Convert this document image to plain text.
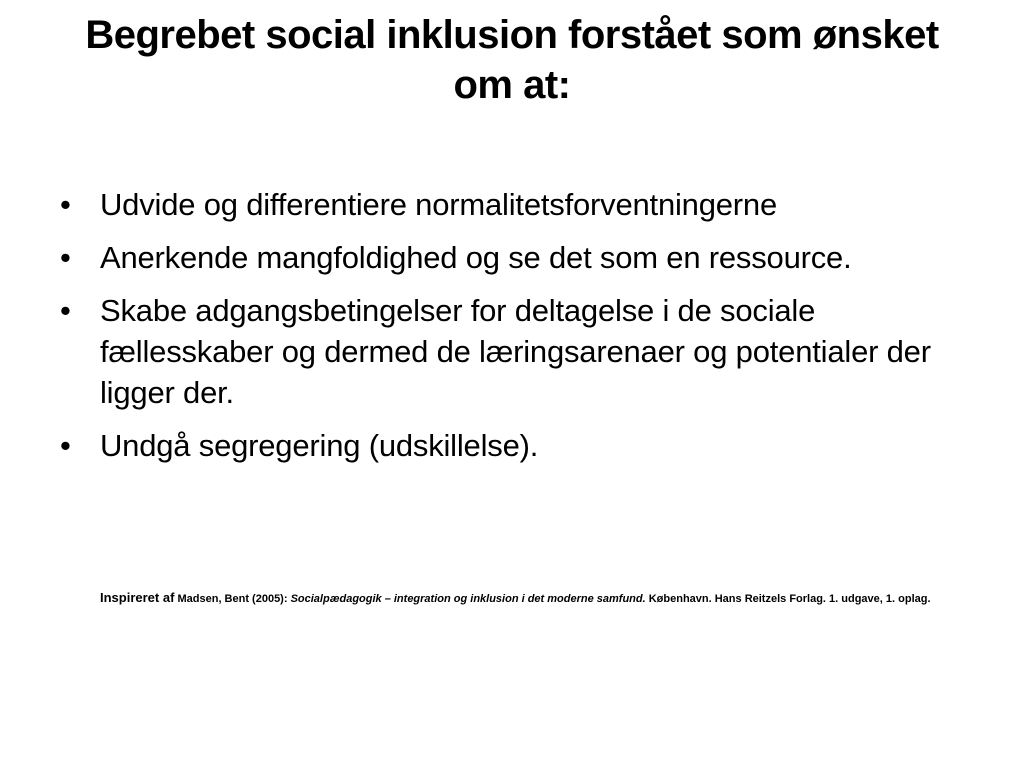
Begrebet social inklusion forstået som ønsket om at:
• Udvide og differentiere normalitetsforventningerne
• Anerkende mangfoldighed og se det som en ressource.
• Skabe adgangsbetingelser for deltagelse i de sociale fællesskaber og dermed de læringsarenaer og potentialer der ligger der.
• Undgå segregering (udskillelse).
Inspireret af Madsen, Bent (2005): Socialpædagogik – integration og inklusion i det moderne samfund. København. Hans Reitzels Forlag. 1. udgave, 1. oplag.
